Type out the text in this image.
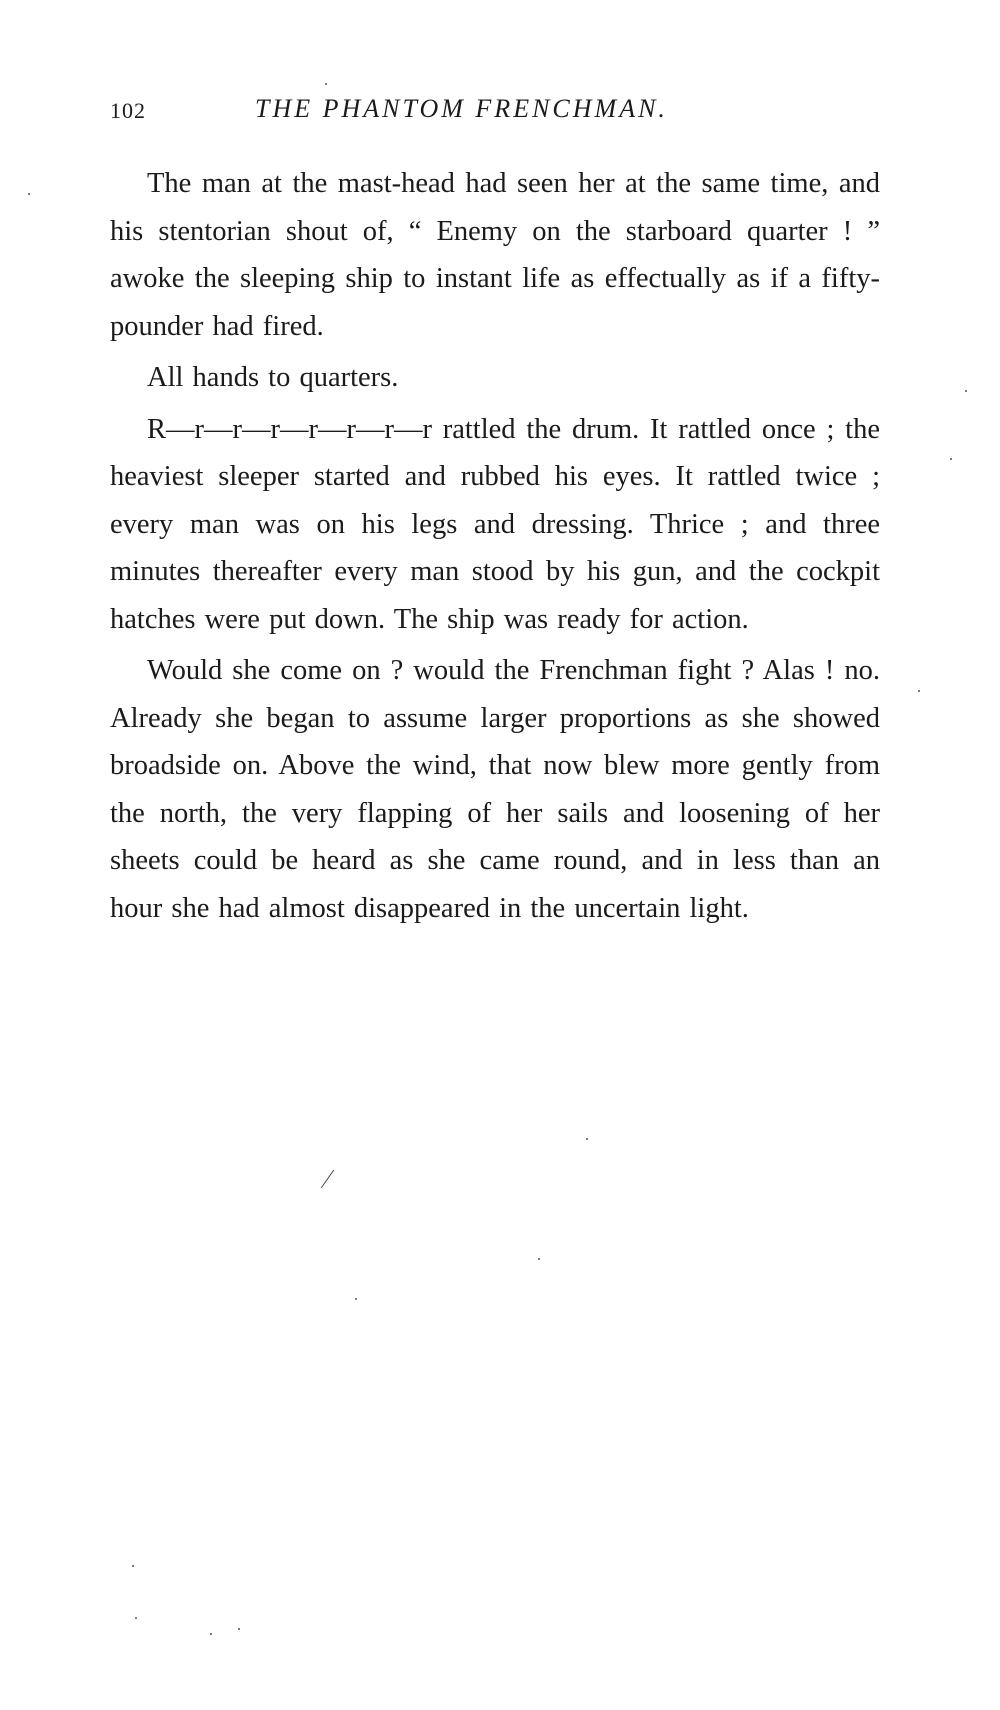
102	THE PHANTOM FRENCHMAN.

The man at the mast-head had seen her at the same time, and his stentorian shout of, “ Enemy on the starboard quarter ! ” awoke the sleeping ship to instant life as effectually as if a fifty-pounder had fired.

All hands to quarters.

R—r—r—r—r—r—r—r rattled the drum. It rattled once ; the heaviest sleeper started and rubbed his eyes. It rattled twice ; every man was on his legs and dressing. Thrice ; and three minutes thereafter every man stood by his gun, and the cockpit hatches were put down. The ship was ready for action.

Would she come on ? would the Frenchman fight ? Alas ! no. Already she began to assume larger proportions as she showed broadside on. Above the wind, that now blew more gently from the north, the very flapping of her sails and loosening of her sheets could be heard as she came round, and in less than an hour she had almost disappeared in the uncertain light.
